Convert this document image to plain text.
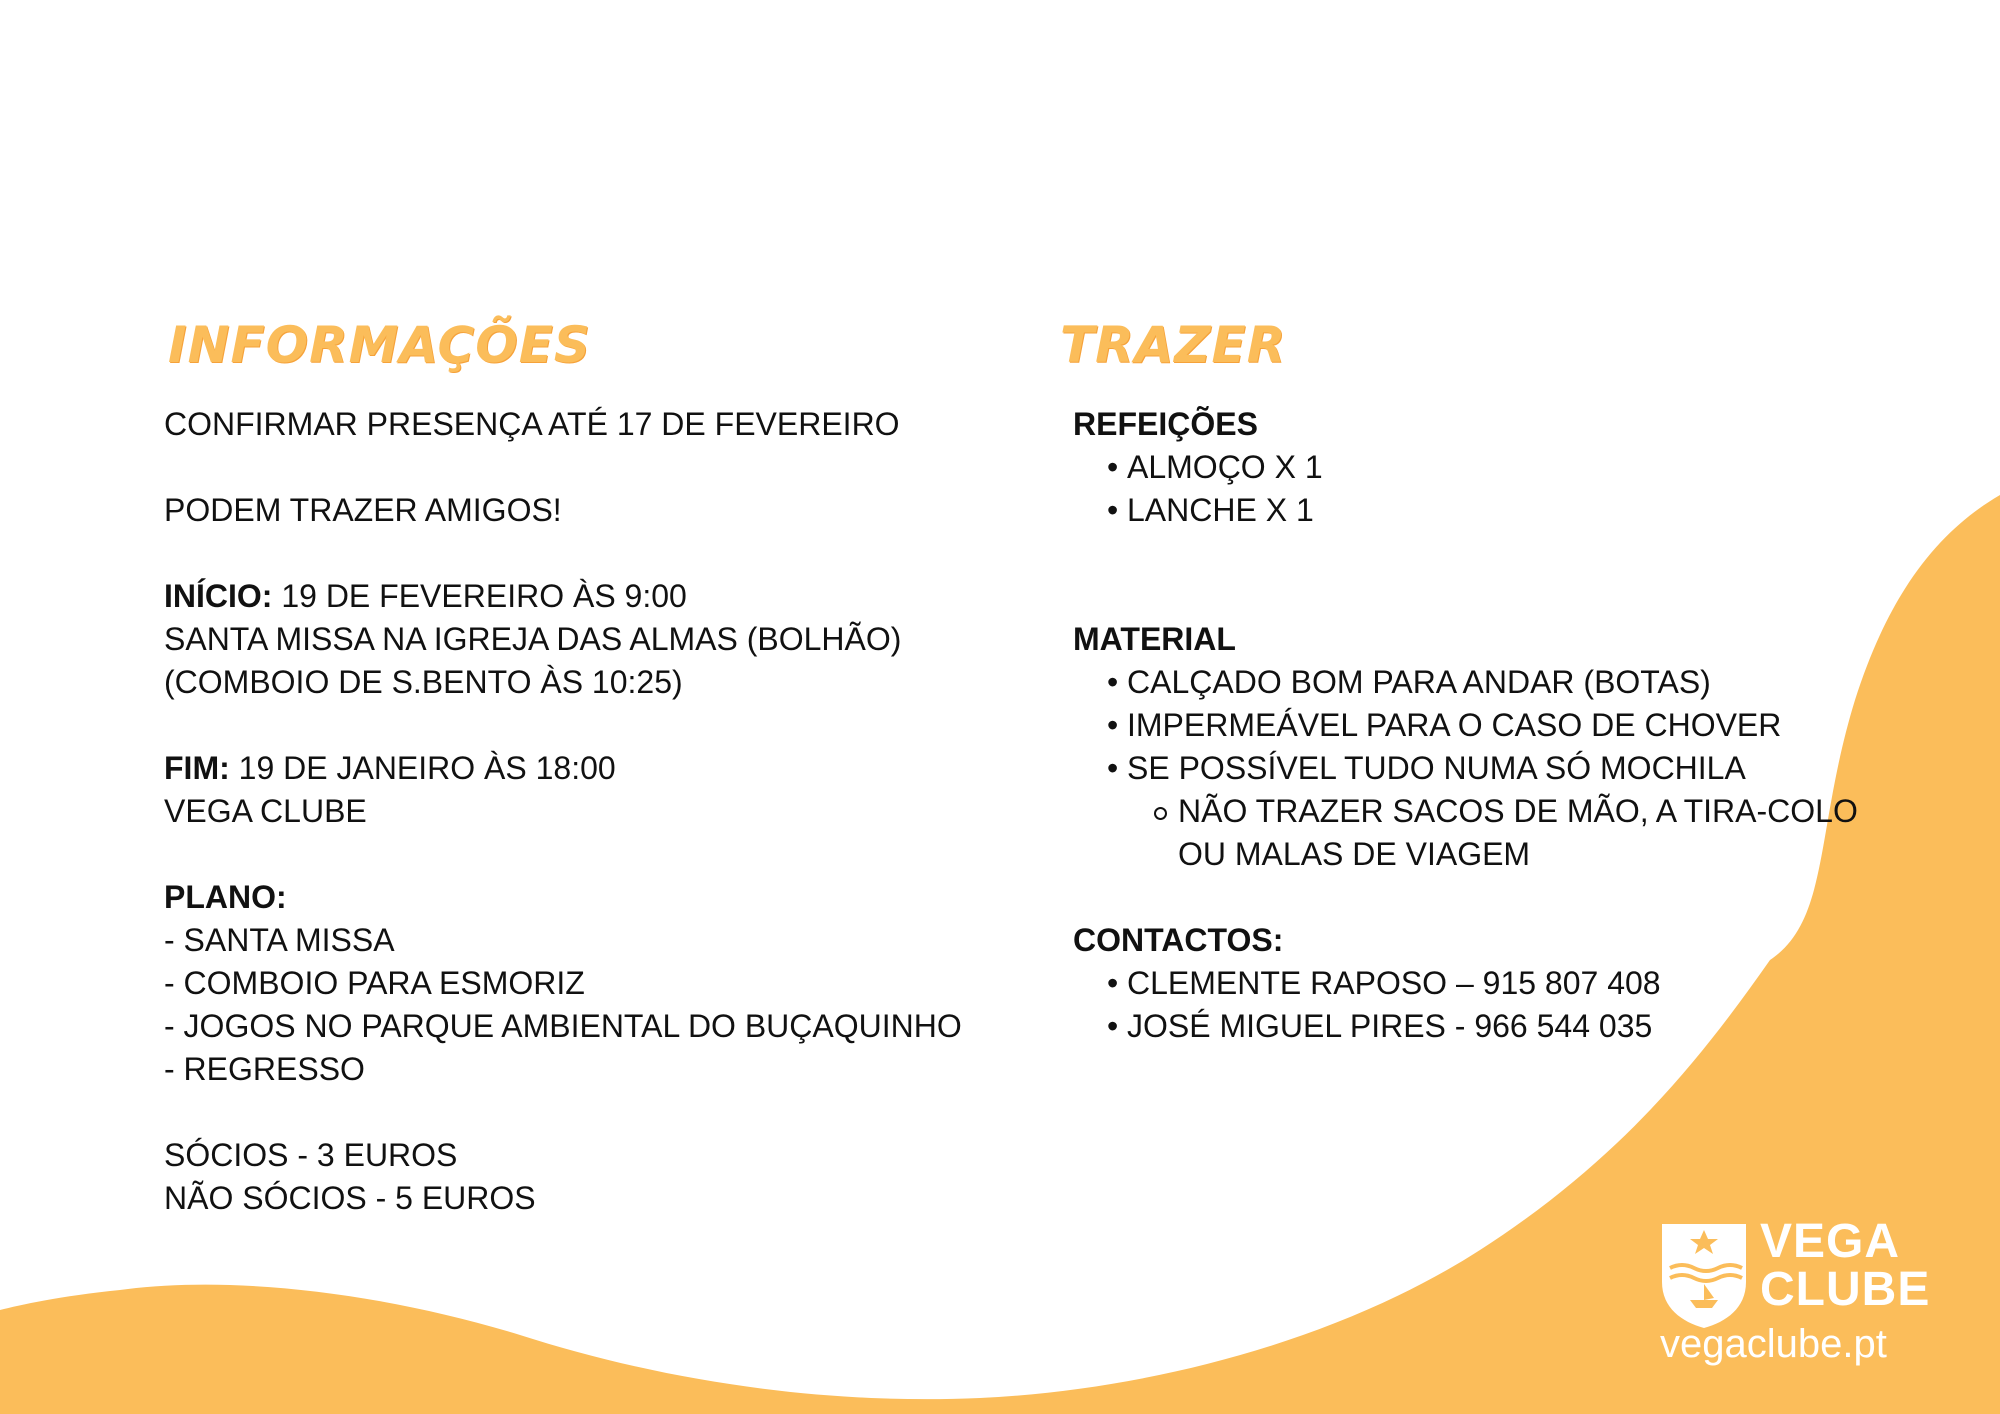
INFORMAÇÕES	TRAZER
CONFIRMAR PRESENÇA ATÉ 17 DE FEVEREIRO
PODEM TRAZER AMIGOS!
INÍCIO: 19 DE FEVEREIRO ÀS 9:00
SANTA MISSA NA IGREJA DAS ALMAS (BOLHÃO)
(COMBOIO DE S.BENTO ÀS 10:25)
FIM: 19 DE JANEIRO ÀS 18:00
VEGA CLUBE
PLANO:
- SANTA MISSA
- COMBOIO PARA ESMORIZ
- JOGOS NO PARQUE AMBIENTAL DO BUÇAQUINHO
- REGRESSO
SÓCIOS - 3 EUROS
NÃO SÓCIOS - 5 EUROS
REFEIÇÕES
• ALMOÇO X 1
• LANCHE X 1
MATERIAL
• CALÇADO BOM PARA ANDAR (BOTAS)
• IMPERMEÁVEL PARA O CASO DE CHOVER
• SE POSSÍVEL TUDO NUMA SÓ MOCHILA
NÃO TRAZER SACOS DE MÃO, A TIRA-COLO
OU MALAS DE VIAGEM
CONTACTOS:
• CLEMENTE RAPOSO – 915 807 408
• JOSÉ MIGUEL PIRES - 966 544 035
VEGA
CLUBE
vegaclube.pt
